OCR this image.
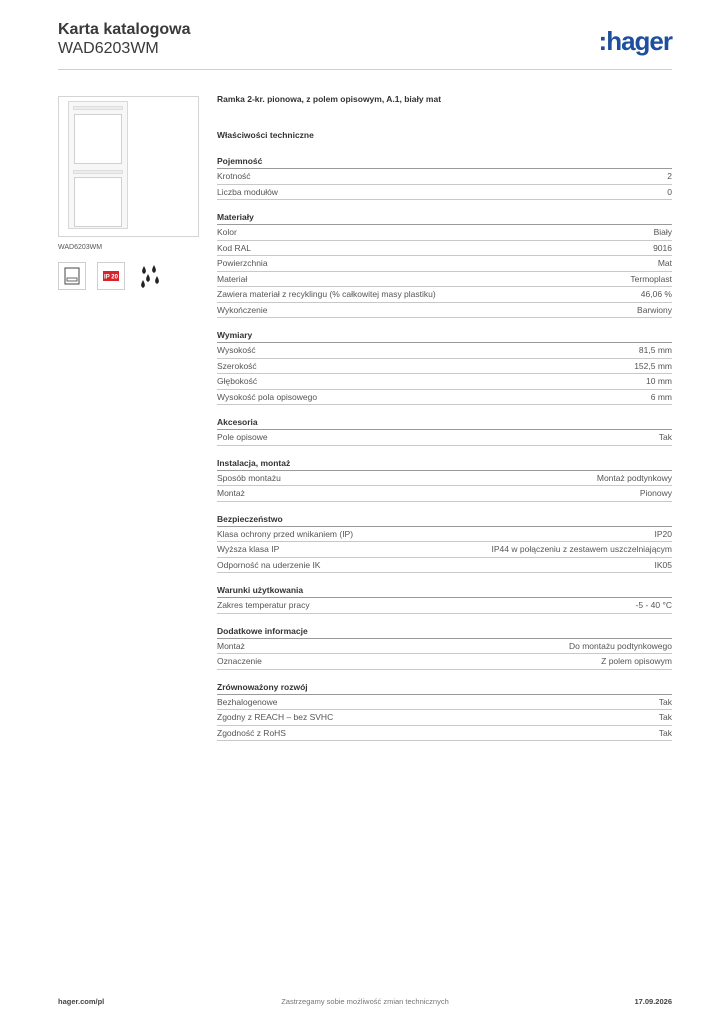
Karta katalogowa
WAD6203WM	:hager
WAD6203WM
IP 20
Ramka 2-kr. pionowa, z polem opisowym, A.1, biały mat
Właściwości techniczne
Pojemność
Krotność	2
Liczba modułów	0
Materiały
Kolor	Biały
Kod RAL	9016
Powierzchnia	Mat
Materiał	Termoplast
Zawiera materiał z recyklingu (% całkowitej masy plastiku)	46,06 %
Wykończenie	Barwiony
Wymiary
Wysokość	81,5 mm
Szerokość	152,5 mm
Głębokość	10 mm
Wysokość pola opisowego	6 mm
Akcesoria
Pole opisowe	Tak
Instalacja, montaż
Sposób montażu	Montaż podtynkowy
Montaż	Pionowy
Bezpieczeństwo
Klasa ochrony przed wnikaniem (IP)	IP20
Wyższa klasa IP	IP44 w połączeniu z zestawem uszczelniającym
Odporność na uderzenie IK	IK05
Warunki użytkowania
Zakres temperatur pracy	-5 - 40 °C
Dodatkowe informacje
Montaż	Do montażu podtynkowego
Oznaczenie	Z polem opisowym
Zrównoważony rozwój
Bezhalogenowe	Tak
Zgodny z REACH – bez SVHC	Tak
Zgodność z RoHS	Tak
Zastrzegamy sobie możliwość zmian technicznych
hager.com/pl	17.09.2026
